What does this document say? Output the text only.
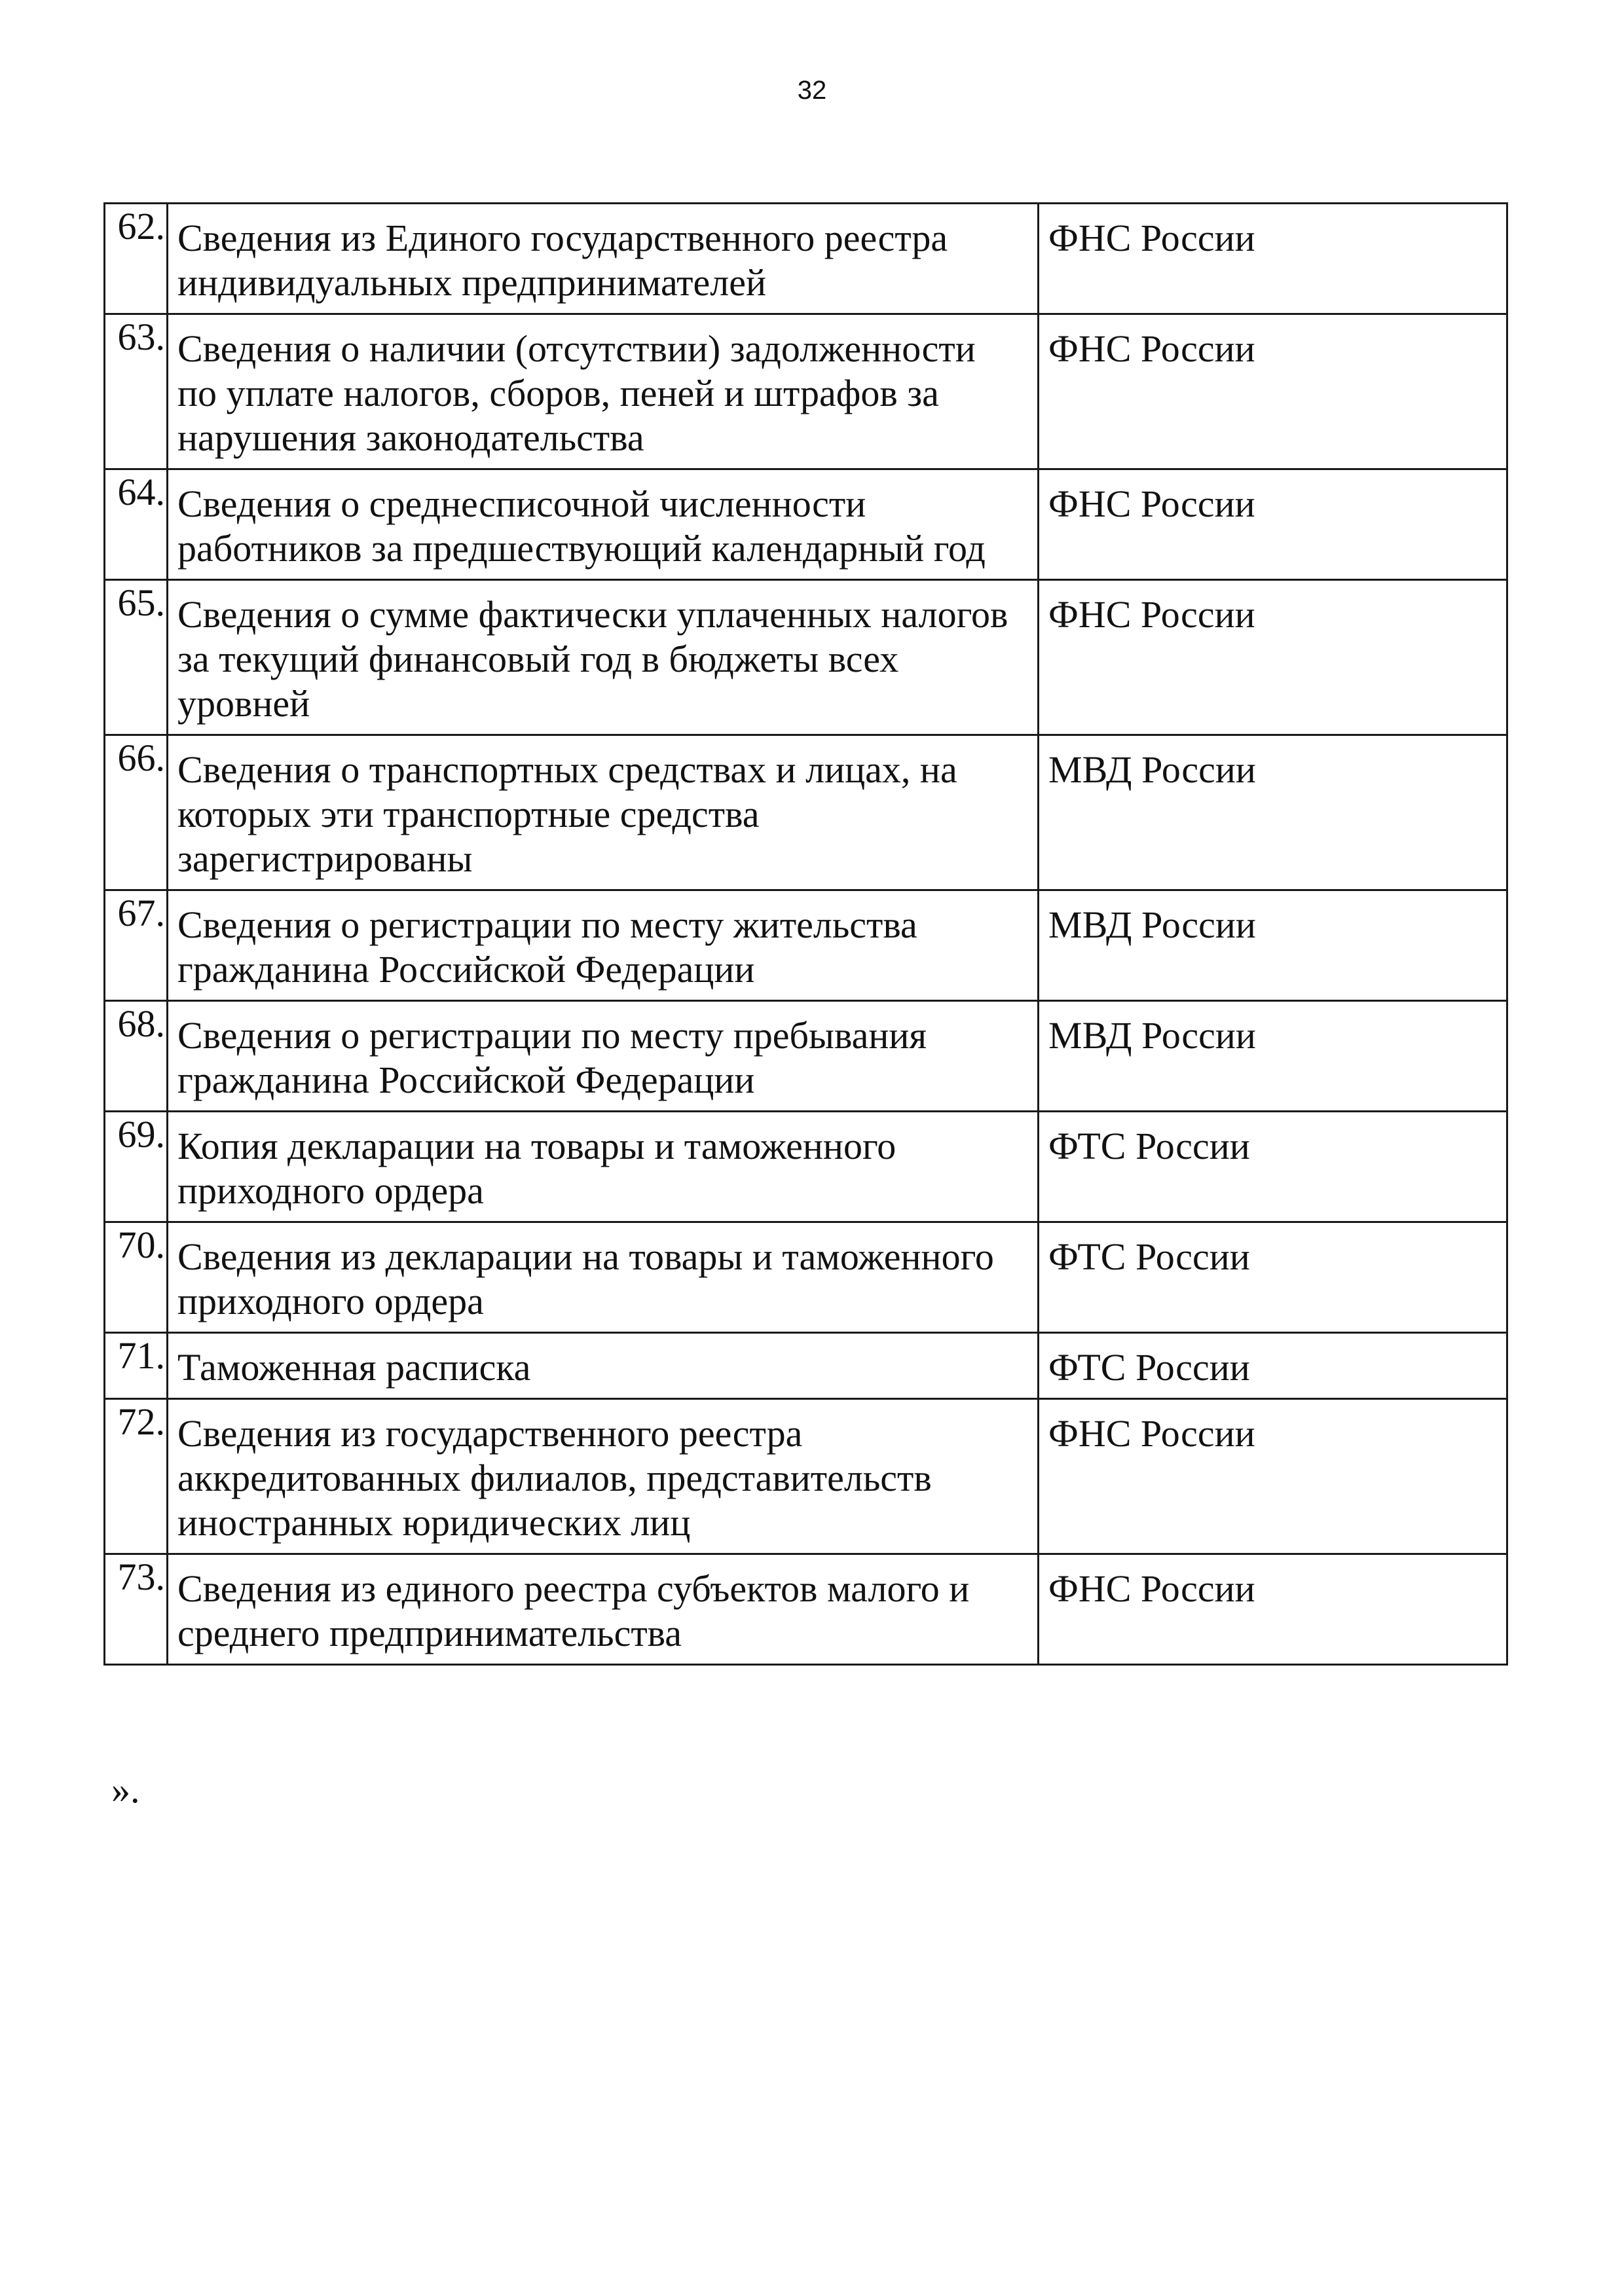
32
62.	Сведения из Единого государственного реестра
индивидуальных предпринимателей	ФНС России
63.	Сведения о наличии (отсутствии) задолженности
по уплате налогов, сборов, пеней и штрафов за
нарушения законодательства	ФНС России
64.	Сведения о среднесписочной численности
работников за предшествующий календарный год	ФНС России
65.	Сведения о сумме фактически уплаченных налогов
за текущий финансовый год в бюджеты всех
уровней	ФНС России
66.	Сведения о транспортных средствах и лицах, на
которых эти транспортные средства
зарегистрированы	МВД России
67.	Сведения о регистрации по месту жительства
гражданина Российской Федерации	МВД России
68.	Сведения о регистрации по месту пребывания
гражданина Российской Федерации	МВД России
69.	Копия декларации на товары и таможенного
приходного ордера	ФТС России
70.	Сведения из декларации на товары и таможенного
приходного ордера	ФТС России
71.	Таможенная расписка	ФТС России
72.	Сведения из государственного реестра
аккредитованных филиалов, представительств
иностранных юридических лиц	ФНС России
73.	Сведения из единого реестра субъектов малого и
среднего предпринимательства	ФНС России
».
